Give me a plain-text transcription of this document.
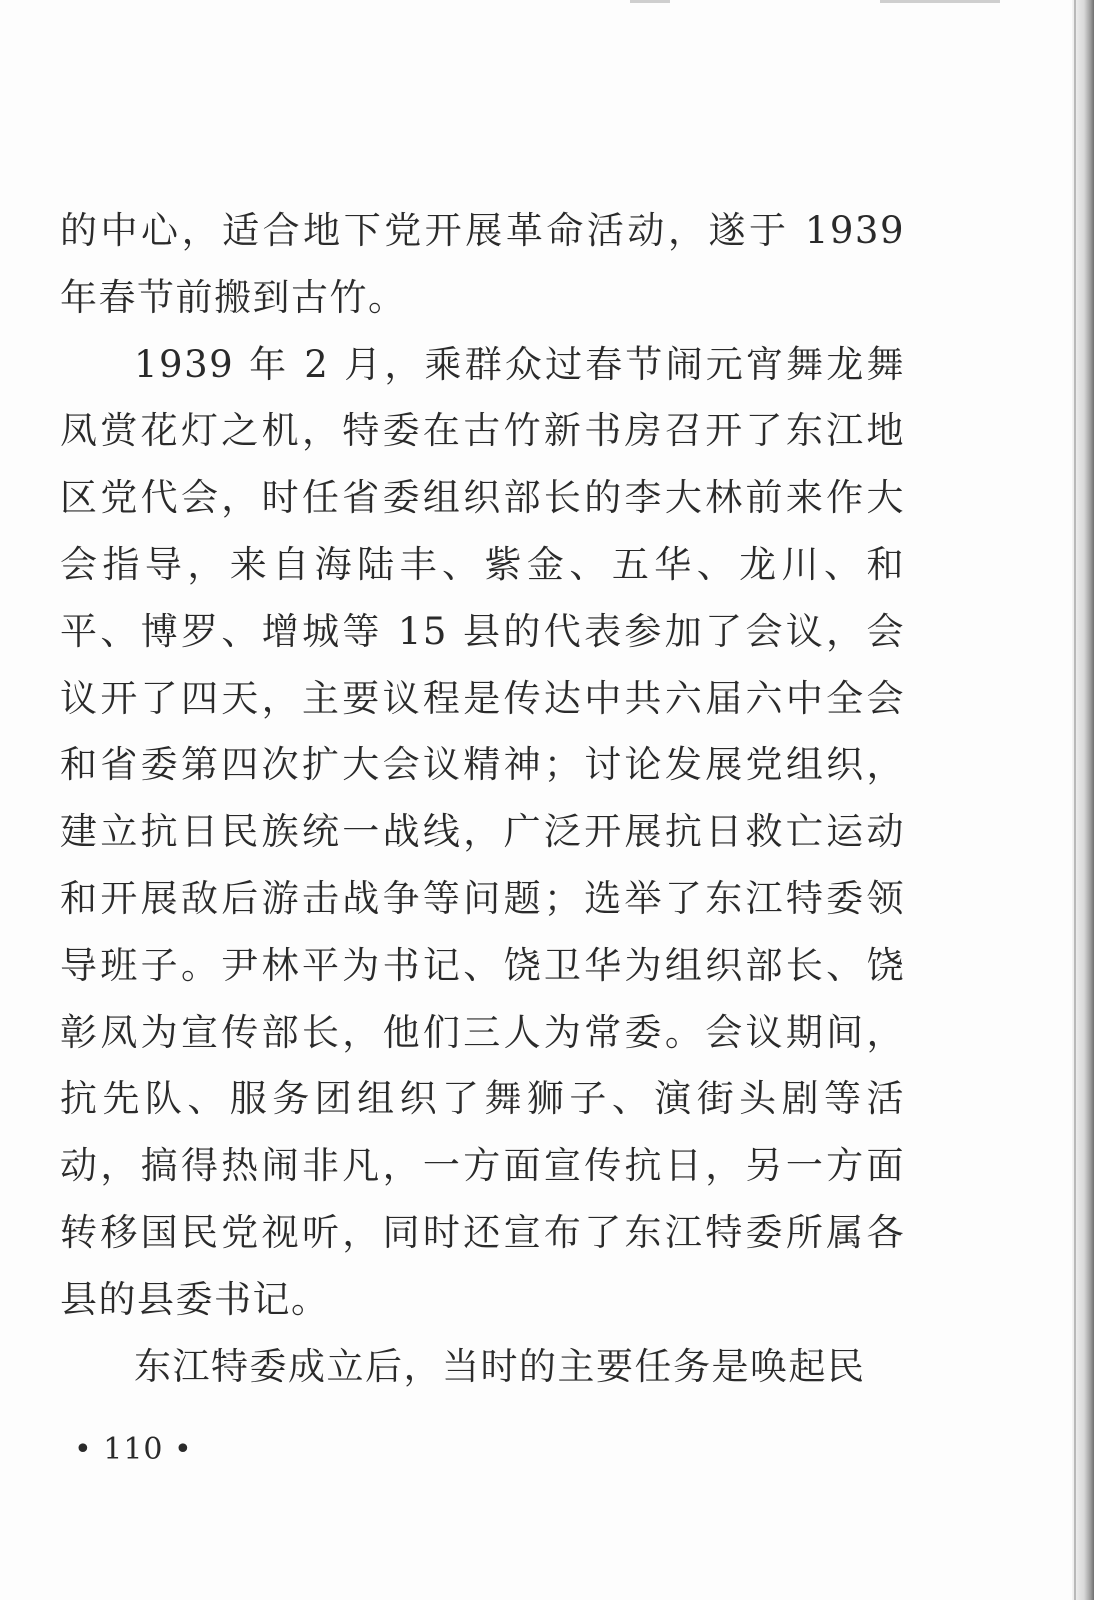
的中心，适合地下党开展革命活动，遂于 1939 年春节前搬到古竹。

1939 年 2 月，乘群众过春节闹元宵舞龙舞凤赏花灯之机，特委在古竹新书房召开了东江地区党代会，时任省委组织部长的李大林前来作大会指导，来自海陆丰、紫金、五华、龙川、和平、博罗、增城等 15 县的代表参加了会议，会议开了四天，主要议程是传达中共六届六中全会和省委第四次扩大会议精神；讨论发展党组织，建立抗日民族统一战线，广泛开展抗日救亡运动和开展敌后游击战争等问题；选举了东江特委领导班子。尹林平为书记、饶卫华为组织部长、饶彰凤为宣传部长，他们三人为常委。会议期间，抗先队、服务团组织了舞狮子、演街头剧等活动，搞得热闹非凡，一方面宣传抗日，另一方面转移国民党视听，同时还宣布了东江特委所属各县的县委书记。

东江特委成立后，当时的主要任务是唤起民

• 110 •
